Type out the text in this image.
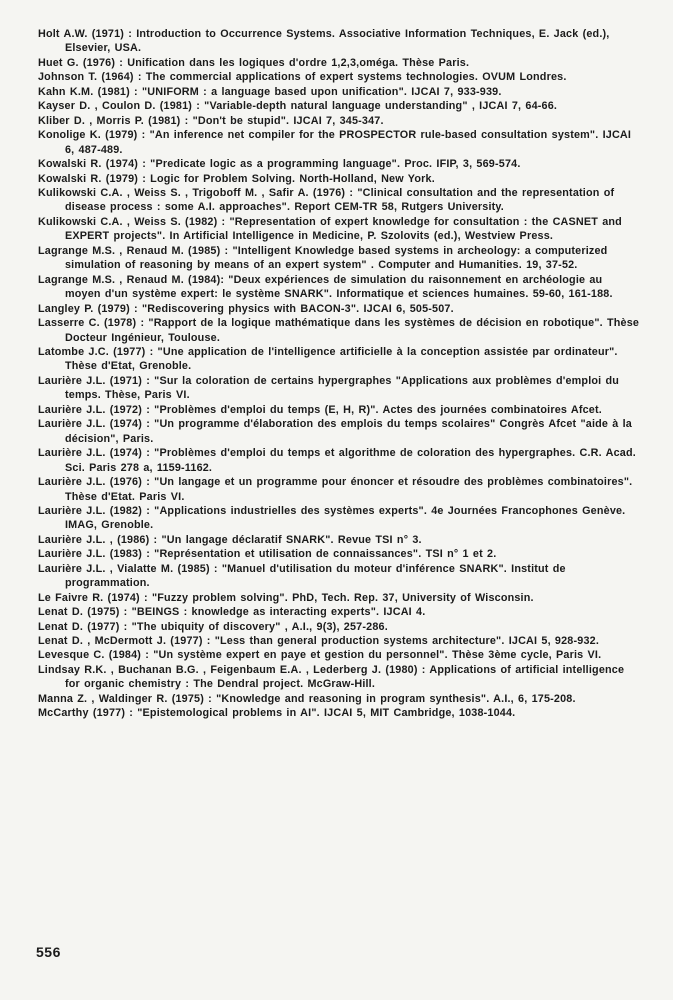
Holt A.W. (1971) : Introduction to Occurrence Systems. Associative Information Techniques, E. Jack (ed.), Elsevier, USA.

Huet G. (1976) : Unification dans les logiques d'ordre 1,2,3,oméga. Thèse Paris.

Johnson T. (1964) : The commercial applications of expert systems technologies. OVUM Londres.

Kahn K.M. (1981) : "UNIFORM : a language based upon unification". IJCAI 7, 933-939.

Kayser D. , Coulon D. (1981) : "Variable-depth natural language understanding" , IJCAI 7, 64-66.

Kliber D. , Morris P. (1981) : "Don't be stupid". IJCAI 7, 345-347.

Konolige K. (1979) : "An inference net compiler for the PROSPECTOR rule-based consultation system". IJCAI 6, 487-489.

Kowalski R. (1974) : "Predicate logic as a programming language". Proc. IFIP, 3, 569-574.

Kowalski R. (1979) : Logic for Problem Solving. North-Holland, New York.

Kulikowski C.A. , Weiss S. , Trigoboff M. , Safir A. (1976) : "Clinical consultation and the representation of disease process : some A.I. approaches". Report CEM-TR 58, Rutgers University.

Kulikowski C.A. , Weiss S. (1982) : "Representation of expert knowledge for consultation : the CASNET and EXPERT projects". In Artificial Intelligence in Medicine, P. Szolovits (ed.), Westview Press.

Lagrange M.S. , Renaud M. (1985) : "Intelligent Knowledge based systems in archeology: a computerized simulation of reasoning by means of an expert system" . Computer and Humanities. 19, 37-52.

Lagrange M.S. , Renaud M. (1984): "Deux expériences de simulation du raisonnement en archéologie au moyen d'un système expert: le système SNARK". Informatique et sciences humaines. 59-60, 161-188.

Langley P. (1979) : "Rediscovering physics with BACON-3". IJCAI 6, 505-507.

Lasserre C. (1978) : "Rapport de la logique mathématique dans les systèmes de décision en robotique". Thèse Docteur Ingénieur, Toulouse.

Latombe J.C. (1977) : "Une application de l'intelligence artificielle à la conception assistée par ordinateur". Thèse d'Etat, Grenoble.

Laurière J.L. (1971) : "Sur la coloration de certains hypergraphes "Applications aux problèmes d'emploi du temps. Thèse, Paris VI.

Laurière J.L. (1972) : "Problèmes d'emploi du temps (E, H, R)". Actes des journées combinatoires Afcet.

Laurière J.L. (1974) : "Un programme d'élaboration des emplois du temps scolaires" Congrès Afcet "aide à la décision", Paris.

Laurière J.L. (1974) : "Problèmes d'emploi du temps et algorithme de coloration des hypergraphes. C.R. Acad. Sci. Paris 278 a, 1159-1162.

Laurière J.L. (1976) : "Un langage et un programme pour énoncer et résoudre des problèmes combinatoires". Thèse d'Etat. Paris VI.

Laurière J.L. (1982) : "Applications industrielles des systèmes experts". 4e Journées Francophones Genève. IMAG, Grenoble.

Laurière J.L. , (1986) : "Un langage déclaratif SNARK". Revue TSI n° 3.

Laurière J.L. (1983) : "Représentation et utilisation de connaissances". TSI n° 1 et 2.

Laurière J.L. , Vialatte M. (1985) : "Manuel d'utilisation du moteur d'inférence SNARK". Institut de programmation.

Le Faivre R. (1974) : "Fuzzy problem solving". PhD, Tech. Rep. 37, University of Wisconsin.

Lenat D. (1975) : "BEINGS : knowledge as interacting experts". IJCAI 4.

Lenat D. (1977) : "The ubiquity of discovery" , A.I., 9(3), 257-286.

Lenat D. , McDermott J. (1977) : "Less than general production systems architecture". IJCAI 5, 928-932.

Levesque C. (1984) : "Un système expert en paye et gestion du personnel". Thèse 3ème cycle, Paris VI.

Lindsay R.K. , Buchanan B.G. , Feigenbaum E.A. , Lederberg J. (1980) : Applications of artificial intelligence for organic chemistry : The Dendral project. McGraw-Hill.

Manna Z. , Waldinger R. (1975) : "Knowledge and reasoning in program synthesis". A.I., 6, 175-208.

McCarthy (1977) : "Epistemological problems in AI". IJCAI 5, MIT Cambridge, 1038-1044.

556
